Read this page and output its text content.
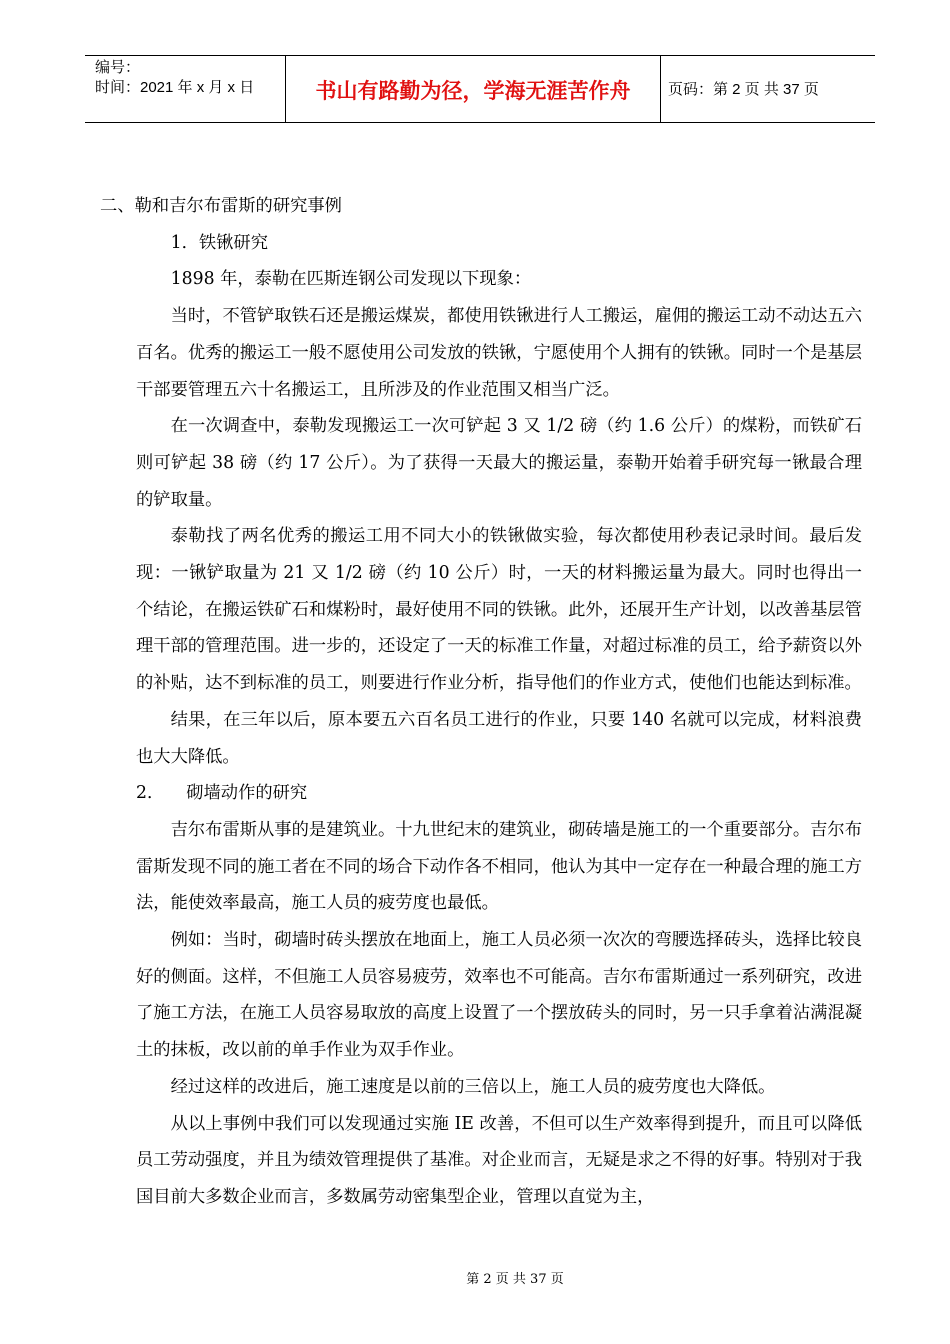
编号：
时间：2021 年 x 月 x 日	书山有路勤为径，学海无涯苦作舟	页码：第 2 页 共 37 页

二、勒和吉尔布雷斯的研究事例

1．铁锹研究

1898 年，泰勒在匹斯连钢公司发现以下现象：

当时，不管铲取铁石还是搬运煤炭，都使用铁锹进行人工搬运，雇佣的搬运工动不动达五六百名。优秀的搬运工一般不愿使用公司发放的铁锹，宁愿使用个人拥有的铁锹。同时一个是基层干部要管理五六十名搬运工，且所涉及的作业范围又相当广泛。

在一次调查中，泰勒发现搬运工一次可铲起 3 又 1/2 磅（约 1.6 公斤）的煤粉，而铁矿石则可铲起 38 磅（约 17 公斤）。为了获得一天最大的搬运量，泰勒开始着手研究每一锹最合理的铲取量。

泰勒找了两名优秀的搬运工用不同大小的铁锹做实验，每次都使用秒表记录时间。最后发现：一锹铲取量为 21 又 1/2 磅（约 10 公斤）时，一天的材料搬运量为最大。同时也得出一个结论，在搬运铁矿石和煤粉时，最好使用不同的铁锹。此外，还展开生产计划，以改善基层管理干部的管理范围。进一步的，还设定了一天的标准工作量，对超过标准的员工，给予薪资以外的补贴，达不到标准的员工，则要进行作业分析，指导他们的作业方式，使他们也能达到标准。

结果，在三年以后，原本要五六百名员工进行的作业，只要 140 名就可以完成，材料浪费也大大降低。

2．    砌墙动作的研究

吉尔布雷斯从事的是建筑业。十九世纪末的建筑业，砌砖墙是施工的一个重要部分。吉尔布雷斯发现不同的施工者在不同的场合下动作各不相同，他认为其中一定存在一种最合理的施工方法，能使效率最高，施工人员的疲劳度也最低。

例如：当时，砌墙时砖头摆放在地面上，施工人员必须一次次的弯腰选择砖头，选择比较良好的侧面。这样，不但施工人员容易疲劳，效率也不可能高。吉尔布雷斯通过一系列研究，改进了施工方法，在施工人员容易取放的高度上设置了一个摆放砖头的同时，另一只手拿着沾满混凝土的抹板，改以前的单手作业为双手作业。

经过这样的改进后，施工速度是以前的三倍以上，施工人员的疲劳度也大降低。

从以上事例中我们可以发现通过实施 IE 改善，不但可以生产效率得到提升，而且可以降低员工劳动强度，并且为绩效管理提供了基准。对企业而言，无疑是求之不得的好事。特别对于我国目前大多数企业而言，多数属劳动密集型企业，管理以直觉为主，

第 2 页 共 37 页
